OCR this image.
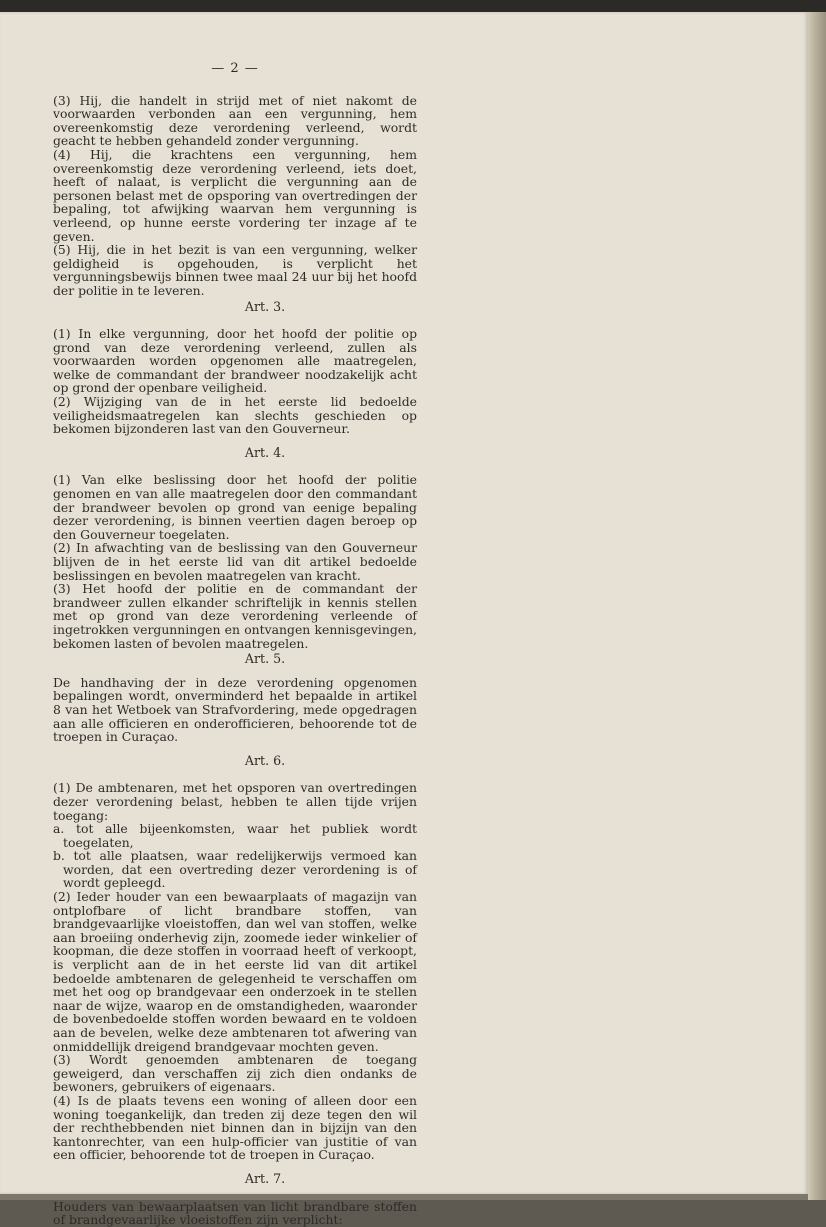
— 2 —

(3) Hij, die handelt in strijd met of niet nakomt de voorwaarden verbonden aan een vergunning, hem overeenkomstig deze verordening verleend, wordt geacht te hebben gehandeld zonder vergunning.

(4) Hij, die krachtens een vergunning, hem overeenkomstig deze verordening verleend, iets doet, heeft of nalaat, is verplicht die vergunning aan de personen belast met de opsporing van overtredingen der bepaling, tot afwijking waarvan hem vergunning is verleend, op hunne eerste vordering ter inzage af te geven.

(5) Hij, die in het bezit is van een vergunning, welker geldigheid is opgehouden, is verplicht het vergunningsbewijs binnen twee maal 24 uur bij het hoofd der politie in te leveren.

Art. 3.

(1) In elke vergunning, door het hoofd der politie op grond van deze verordening verleend, zullen als voorwaarden worden opgenomen alle maatregelen, welke de commandant der brandweer noodzakelijk acht op grond der openbare veiligheid.

(2) Wijziging van de in het eerste lid bedoelde veiligheidsmaatregelen kan slechts geschieden op bekomen bijzonderen last van den Gouverneur.

Art. 4.

(1) Van elke beslissing door het hoofd der politie genomen en van alle maatregelen door den commandant der brandweer bevolen op grond van eenige bepaling dezer verordening, is binnen veertien dagen beroep op den Gouverneur toegelaten.

(2) In afwachting van de beslissing van den Gouverneur blijven de in het eerste lid van dit artikel bedoelde beslissingen en bevolen maatregelen van kracht.

(3) Het hoofd der politie en de commandant der brandweer zullen elkander schriftelijk in kennis stellen met op grond van deze verordening verleende of ingetrokken vergunningen en ontvangen kennisgevingen, bekomen lasten of bevolen maatregelen.

Art. 5.

De handhaving der in deze verordening opgenomen bepalingen wordt, onverminderd het bepaalde in artikel 8 van het Wetboek van Strafvordering, mede opgedragen aan alle officieren en onderofficieren, behoorende tot de troepen in Curaçao.

Art. 6.

(1) De ambtenaren, met het opsporen van overtredingen dezer verordening belast, hebben te allen tijde vrijen toegang:

a. tot alle bijeenkomsten, waar het publiek wordt toegelaten,
b. tot alle plaatsen, waar redelijkerwijs vermoed kan worden, dat een overtreding dezer verordening is of wordt gepleegd.

(2) Ieder houder van een bewaarplaats of magazijn van ontplofbare of licht brandbare stoffen, van brandgevaarlijke vloeistoffen, dan wel van stoffen, welke aan broeiing onderhevig zijn, zoomede ieder winkelier of koopman, die deze stoffen in voorraad heeft of verkoopt, is verplicht aan de in het eerste lid van dit artikel bedoelde ambtenaren de gelegenheid te verschaffen om met het oog op brandgevaar een onderzoek in te stellen naar de wijze, waarop en de omstandigheden, waaronder de bovenbedoelde stoffen worden bewaard en te voldoen aan de bevelen, welke deze ambtenaren tot afwering van onmiddellijk dreigend brandgevaar mochten geven.

(3) Wordt genoemden ambtenaren de toegang geweigerd, dan verschaffen zij zich dien ondanks de bewoners, gebruikers of eigenaars.

(4) Is de plaats tevens een woning of alleen door een woning toegankelijk, dan treden zij deze tegen den wil der rechthebbenden niet binnen dan in bijzijn van den kantonrechter, van een hulp-officier van justitie of van een officier, behoorende tot de troepen in Curaçao.

Art. 7.

Houders van bewaarplaatsen van licht brandbare stoffen of brandgevaarlijke vloeistoffen zijn verplicht:
